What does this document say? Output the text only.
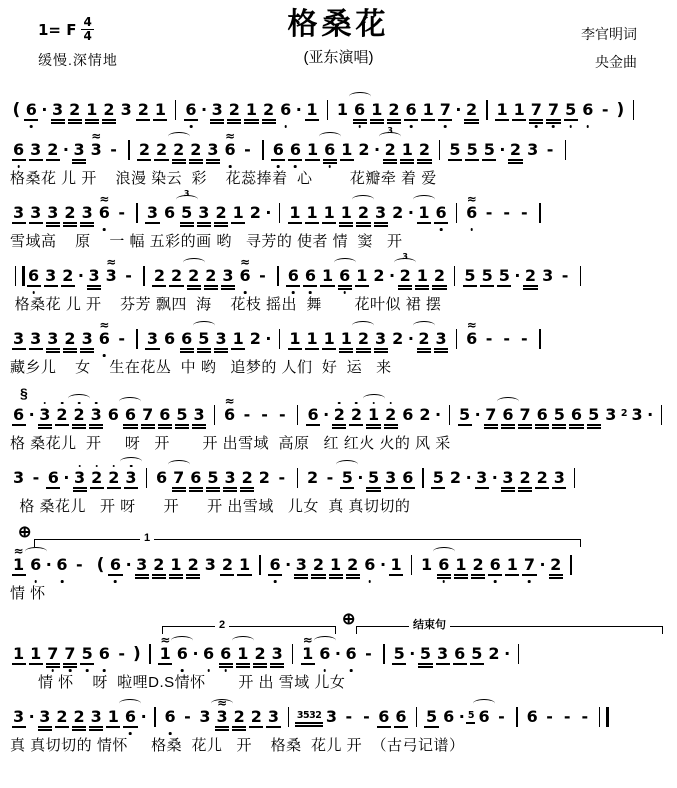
1= F $\frac{4}{4}$
缓慢.深情地
格桑花
(亚东演唱)
李官明词
央金曲
( 6 · 3 2 1 2 3 2 1 6 · 3 2 1 2 6 · 1 1 6 1 2 6 1 7 · 2 1 1 7 7 5 6 - )
6 3 2 · 3 3
≈
- 2 2 2 2 3 6
≈
- 6 6 1 6 1 2 · 2
3
1 2 5 5 5 · 2 3 -
格桑花 儿 开    浪漫 染云  彩    花蕊捧着  心        花瓣牵 着 爱
3 3 3 2 3 6
≈
- 3 6 5
3
3 2 1 2 · 1 1 1 1 2 3 2 · 1 6 6
≈
- - -
雪域高    原    一 幅 五彩的画 哟   寻芳的 使者 情  窦   开
6 3 2 · 3 3
≈
- 2 2 2 2 3 6
≈
- 6 6 1 6 1 2 · 2
3
1 2 5 5 5 · 2 3 -
格桑花 儿 开    芬芳 飘四  海    花枝 摇出  舞       花叶似 裙 摆
3 3 3 2 3 6
≈
- 3 6 6 5 3 1 2 · 1 1 1 1 2 3 2 · 2 3 6
≈
- - -
藏乡儿    女    生在花丛  中 哟   追梦的 人们  好  运   来
§
6 · 3 2 2 3 6 6 7 6 5 3 6
≈
- - - 6 · 2 2 1 2 6 2 · 5 · 7 6 7 6 5 6 5 3 2 3 ·
格 桑花儿  开     呀   开       开 出雪域  高原   红 红火 火的 风 采
3 - 6 · 3 2 2 3 6 7 6 5 3 2 2 - 2 - 5 · 5 3 6 5 2 · 3 · 3 2 2 3
格 桑花儿   开 呀      开      开 出雪域   儿女  真 真切切的
⊕	1
1
≈
6 · 6 - ( 6 · 3 2 1 2 3 2 1 6 · 3 2 1 2 6 · 1 1 6 1 2 6 1 7 · 2
情 怀
2	⊕	结束句
1 1 7 7 5 6 - ) 1
≈
6 · 6 6 1 2 3 1
≈
6 · 6 - 5 · 5 3 6 5 2 ·
情 怀    呀  啦哩D.S情怀       开 出 雪域 儿女
3 · 3 2 2 3 1 6 · 6 - 3 3
≈
2 2 3 3532 3 - - 6 6 5 6 · 5 6 - 6 - - -
真 真切切的 情怀     格桑  花儿   开    格桑  花儿 开  （古弓记谱）
